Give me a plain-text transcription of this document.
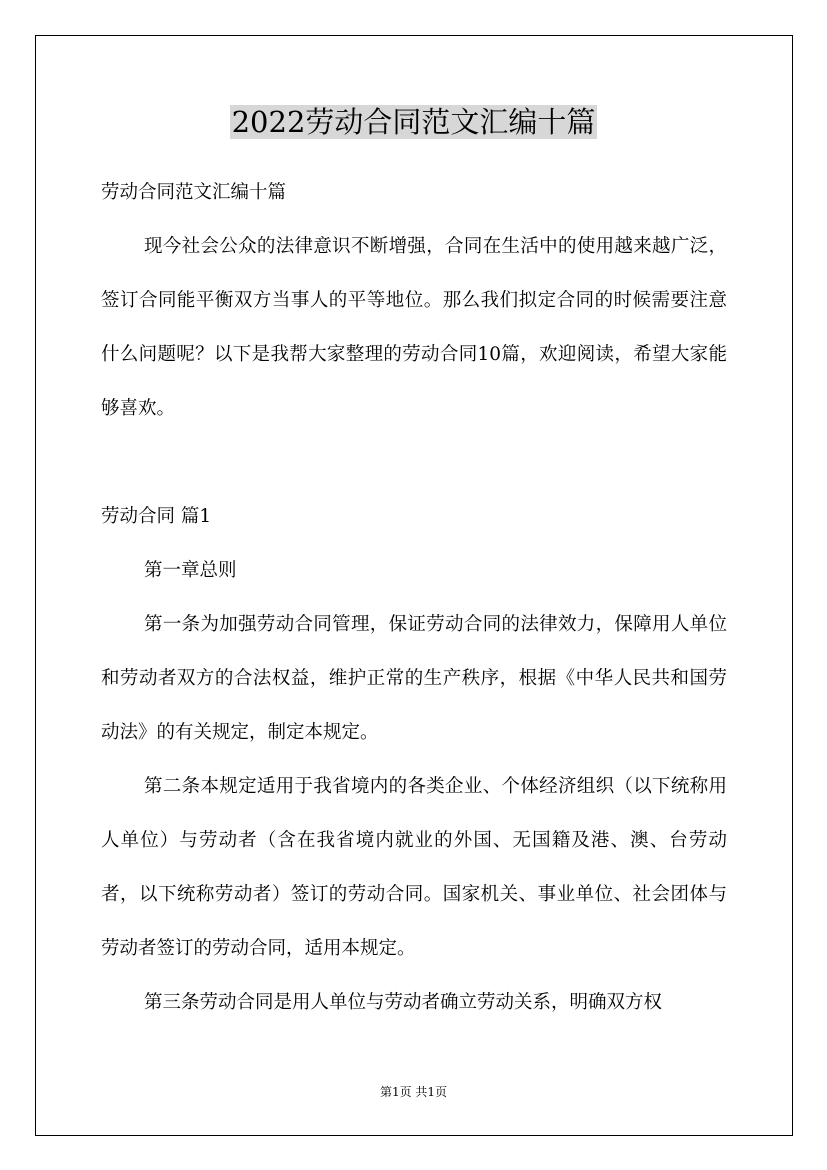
2022劳动合同范文汇编十篇

劳动合同范文汇编十篇

现今社会公众的法律意识不断增强，合同在生活中的使用越来越广泛，签订合同能平衡双方当事人的平等地位。那么我们拟定合同的时候需要注意什么问题呢？以下是我帮大家整理的劳动合同10篇，欢迎阅读，希望大家能够喜欢。

劳动合同 篇1

第一章总则

第一条为加强劳动合同管理，保证劳动合同的法律效力，保障用人单位和劳动者双方的合法权益，维护正常的生产秩序，根据《中华人民共和国劳动法》的有关规定，制定本规定。

第二条本规定适用于我省境内的各类企业、个体经济组织（以下统称用人单位）与劳动者（含在我省境内就业的外国、无国籍及港、澳、台劳动者，以下统称劳动者）签订的劳动合同。国家机关、事业单位、社会团体与劳动者签订的劳动合同，适用本规定。

第三条劳动合同是用人单位与劳动者确立劳动关系，明确双方权

第1页 共1页
